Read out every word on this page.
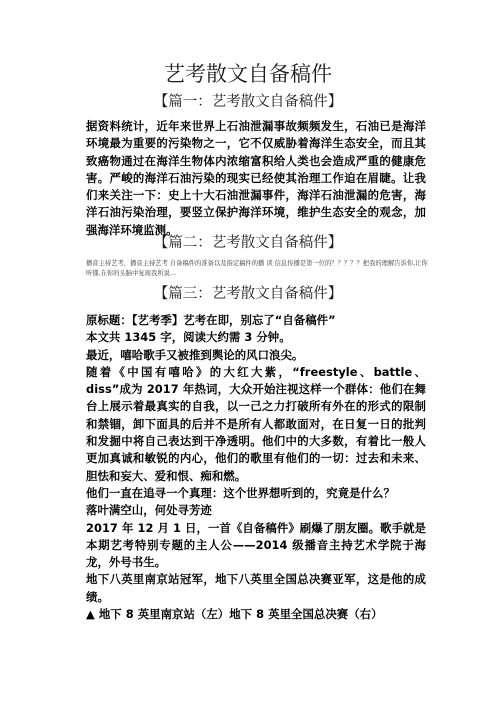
艺考散文自备稿件
【篇一：艺考散文自备稿件】

据资料统计，近年来世界上石油泄漏事故频频发生，石油已是海洋环境最为重要的污染物之一，它不仅威胁着海洋生态安全，而且其致癌物通过在海洋生物体内浓缩富积给人类也会造成严重的健康危害。严峻的海洋石油污染的现实已经使其治理工作迫在眉睫。让我们来关注一下：史上十大石油泄漏事件，海洋石油泄漏的危害，海洋石油污染治理，要竖立保护海洋环境，维护生态安全的观念，加强海洋环境监测。

【篇二：艺考散文自备稿件】
播音主持艺考，播音主持艺考 自备稿件的准备以及指定稿件的播 读 信息传播是第一位的？？？？？把我的理解告诉你,让你听懂,在你的头脑中复现我所说...
【篇三：艺考散文自备稿件】

原标题：【艺考季】艺考在即，别忘了“自备稿件”

本文共 1345 字，阅读大约需 3 分钟。

最近，嘻哈歌手又被推到舆论的风口浪尖。

随着《中国有嘻哈》的大红大紫，“freestyle、battle、diss”成为 2017 年热词，大众开始注视这样一个群体：他们在舞台上展示着最真实的自我，以一己之力打破所有外在的形式的限制和禁锢，卸下面具的后并不是所有人都敢面对，在日复一日的批判和发掘中将自己表达到干净透明。他们中的大多数，有着比一般人更加真诚和敏锐的内心，他们的歌里有他们的一切：过去和未来、胆怯和妄大、爱和恨、痴和燃。

他们一直在追寻一个真理：这个世界想听到的，究竟是什么？

落叶满空山，何处寻芳迹

2017 年 12 月 1 日，一首《自备稿件》刷爆了朋友圈。歌手就是本期艺考特别专题的主人公——2014 级播音主持艺术学院于海龙，外号书生。

地下八英里南京站冠军，地下八英里全国总决赛亚军，这是他的成绩。

▲ 地下 8 英里南京站（左）地下 8 英里全国总决赛（右）
